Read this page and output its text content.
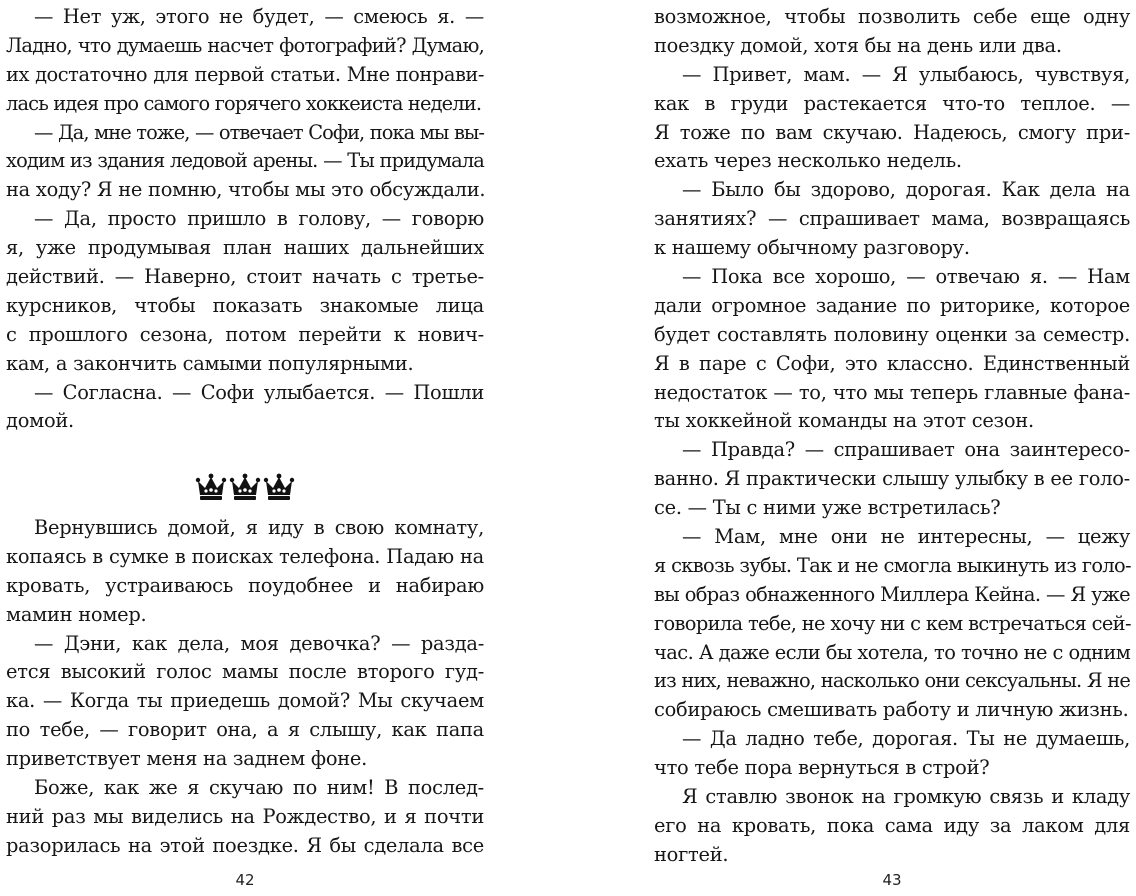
— Нет уж, этого не будет, — смеюсь я. —
Ладно, что думаешь насчет фотографий? Думаю,
их достаточно для первой статьи. Мне понрави-
лась идея про самого горячего хоккеиста недели.
— Да, мне тоже, — отвечает Софи, пока мы вы-
ходим из здания ледовой арены. — Ты придумала
на ходу? Я не помню, чтобы мы это обсуждали.
— Да, просто пришло в голову, — говорю
я, уже продумывая план наших дальнейших
действий. — Наверно, стоит начать с третье-
курсников, чтобы показать знакомые лица
с прошлого сезона, потом перейти к нович-
кам, а закончить самыми популярными.
— Согласна. — Софи улыбается. — Пошли
домой.
Вернувшись домой, я иду в свою комнату,
копаясь в сумке в поисках телефона. Падаю на
кровать, устраиваюсь поудобнее и набираю
мамин номер.
— Дэни, как дела, моя девочка? — разда-
ется высокий голос мамы после второго гуд-
ка. — Когда ты приедешь домой? Мы скучаем
по тебе, — говорит она, а я слышу, как папа
приветствует меня на заднем фоне.
Боже, как же я скучаю по ним! В послед-
ний раз мы виделись на Рождество, и я почти
разорилась на этой поездке. Я бы сделала все
42
возможное, чтобы позволить себе еще одну
поездку домой, хотя бы на день или два.
— Привет, мам. — Я улыбаюсь, чувствуя,
как в груди растекается что-то теплое. —
Я тоже по вам скучаю. Надеюсь, смогу при-
ехать через несколько недель.
— Было бы здорово, дорогая. Как дела на
занятиях? — спрашивает мама, возвращаясь
к нашему обычному разговору.
— Пока все хорошо, — отвечаю я. — Нам
дали огромное задание по риторике, которое
будет составлять половину оценки за семестр.
Я в паре с Софи, это классно. Единственный
недостаток — то, что мы теперь главные фана-
ты хоккейной команды на этот сезон.
— Правда? — спрашивает она заинтересо-
ванно. Я практически слышу улыбку в ее голо-
се. — Ты с ними уже встретилась?
— Мам, мне они не интересны, — цежу
я сквозь зубы. Так и не смогла выкинуть из голо-
вы образ обнаженного Миллера Кейна. — Я уже
говорила тебе, не хочу ни с кем встречаться сей-
час. А даже если бы хотела, то точно не с одним
из них, неважно, насколько они сексуальны. Я не
собираюсь смешивать работу и личную жизнь.
— Да ладно тебе, дорогая. Ты не думаешь,
что тебе пора вернуться в строй?
Я ставлю звонок на громкую связь и кладу
его на кровать, пока сама иду за лаком для
ногтей.
43
